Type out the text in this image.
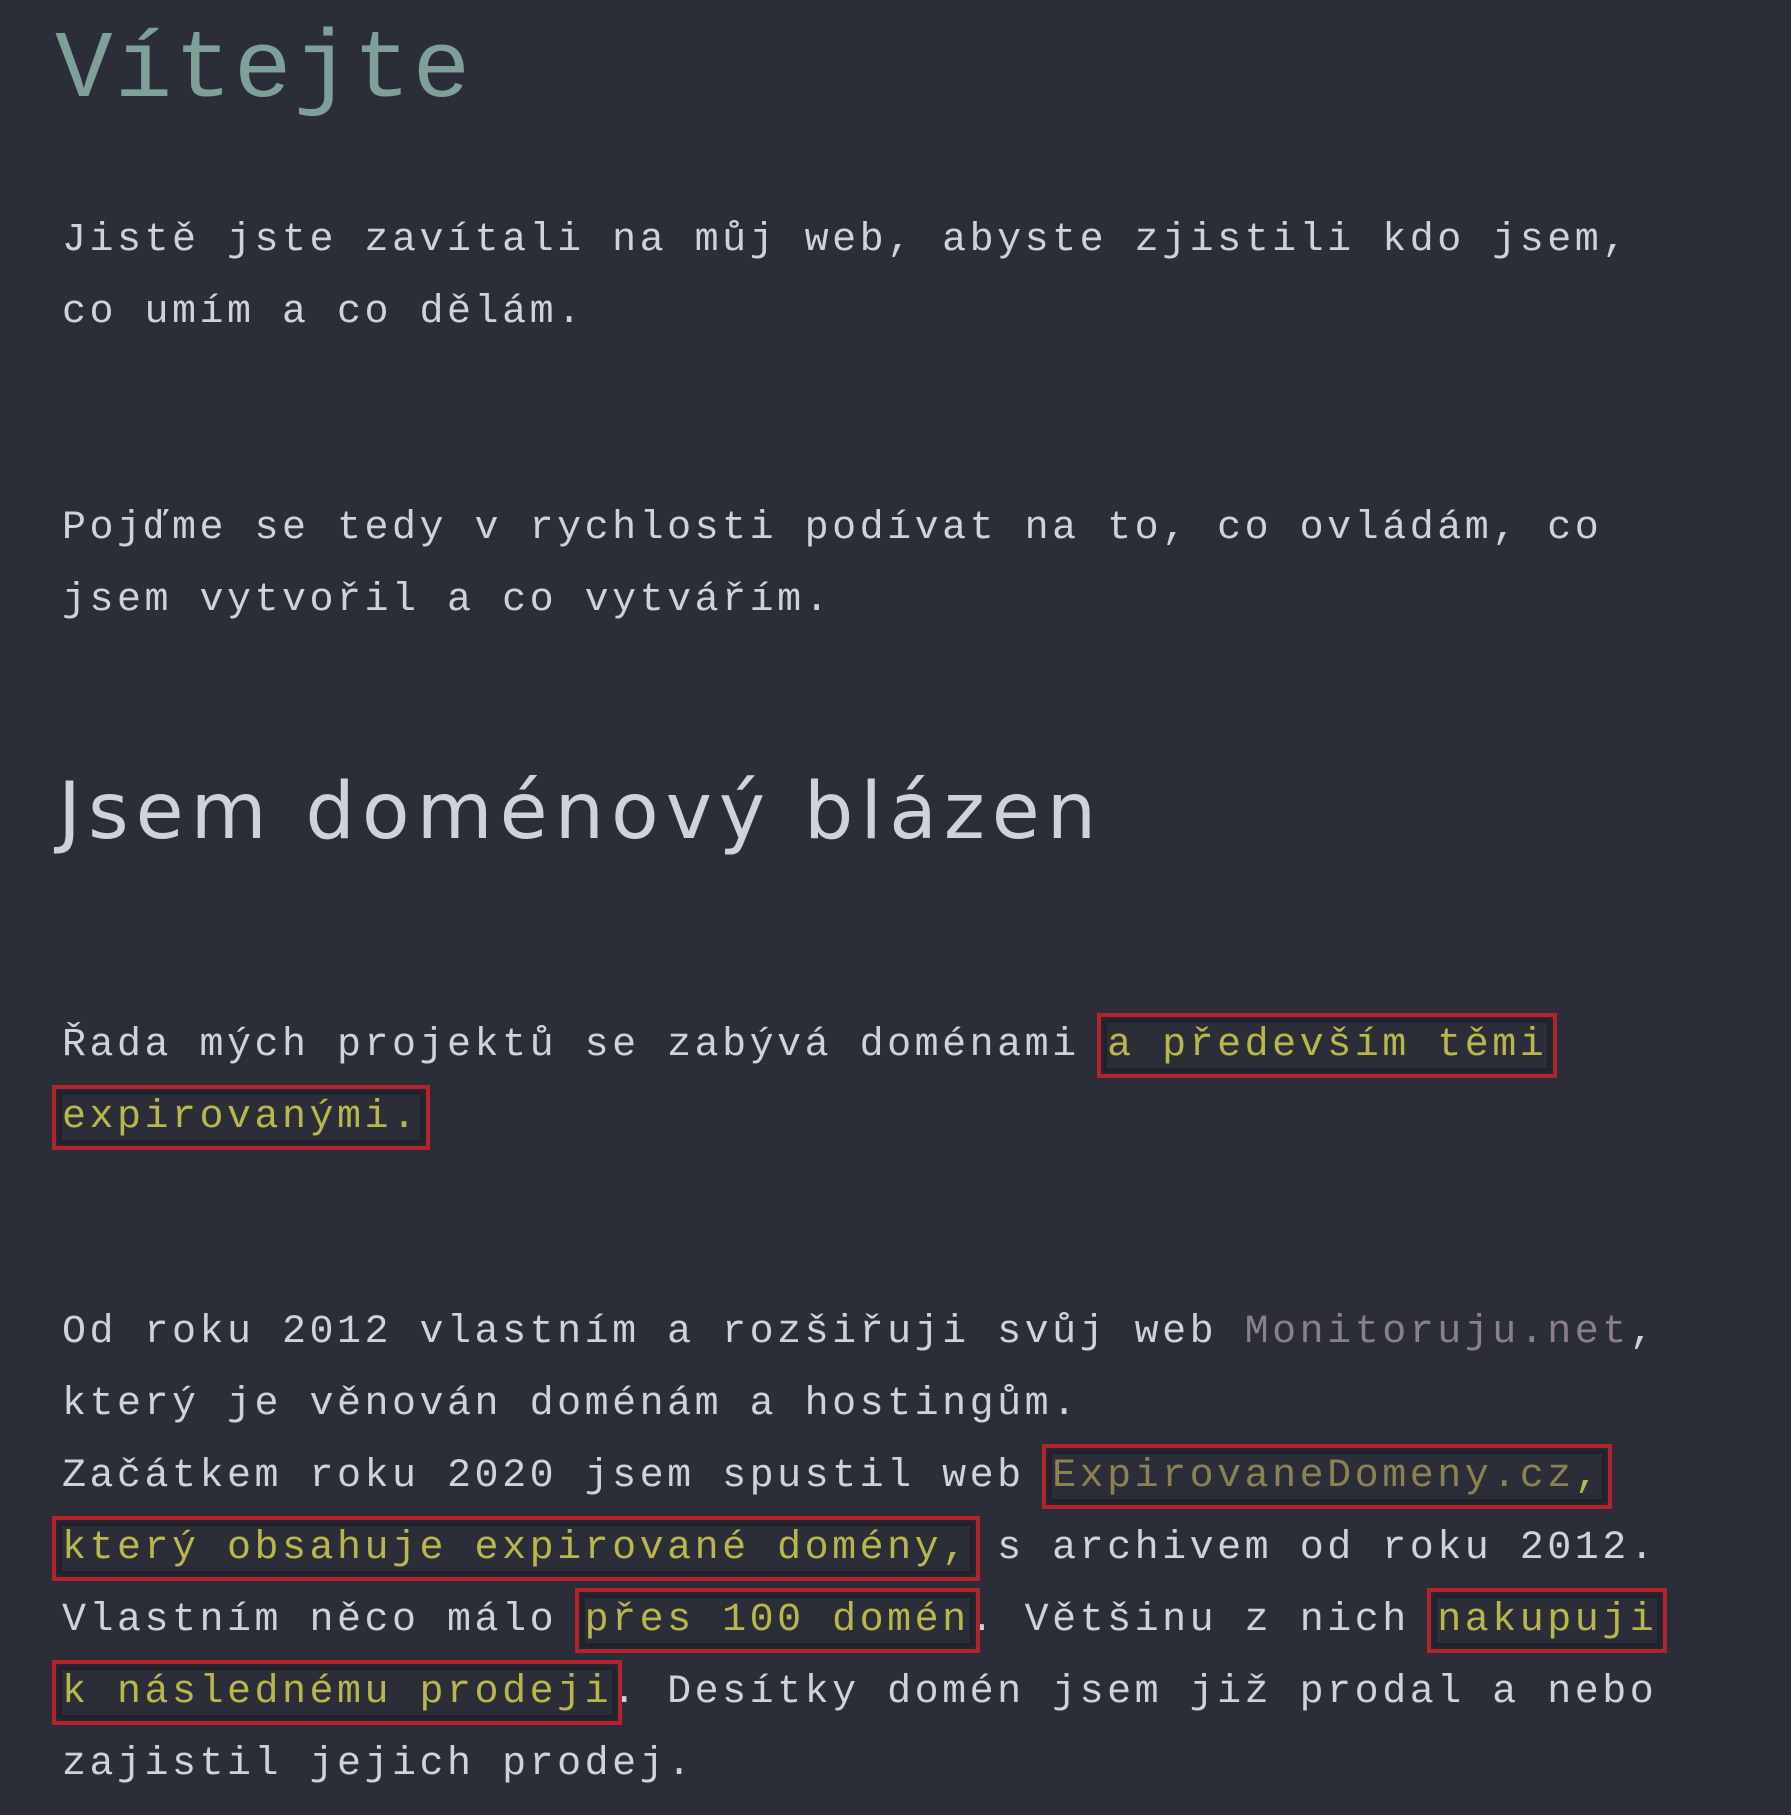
Vítejte

Jistě jste zavítali na můj web, abyste zjistili kdo jsem,
co umím a co dělám.

Pojďme se tedy v rychlosti podívat na to, co ovládám, co
jsem vytvořil a co vytvářím.

Jsem doménový blázen

Řada mých projektů se zabývá doménami a především těmi
expirovanými.

Od roku 2012 vlastním a rozšiřuji svůj web Monitoruju.net,
který je věnován doménám a hostingům.
Začátkem roku 2020 jsem spustil web ExpirovaneDomeny.cz,
který obsahuje expirované domény, s archivem od roku 2012.
Vlastním něco málo přes 100 domén. Většinu z nich nakupuji
k následnému prodeji. Desítky domén jsem již prodal a nebo
zajistil jejich prodej.
